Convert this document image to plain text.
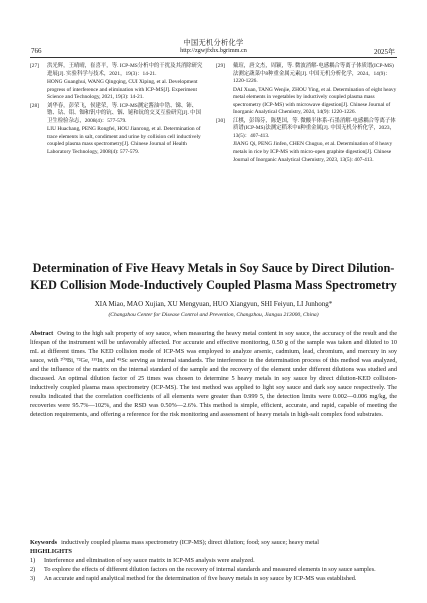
中国无机分析化学
766	http://zgwjfxhx.bgrimm.cn	2025年
[27] 洪光辉，王晴晴，崔喜平，等. ICP-MS分析中的干扰及其消除研究进展[J]. 实验科学与技术，2021，19(3)：14-21.
HONG Guanghui, WANG Qingqing, CUI Xiping, et al. Development progress of interference and elimination with ICP-MS[J]. Experiment Science and Technology, 2021, 19(3): 14-21.
[28] 刘华春，彭荣飞，侯建荣，等. ICP-MS测定酱油中锆、锑、铈、镥、钴、钼、铷和钒中的钪、铟、铋和钪的交叉互验研究[J]. 中国卫生检验杂志，2008(4)：577-579.
LIU Huachang, PENG Rongfei, HOU Jianrong, et al. Determination of trace elements in salt, condiment and urine by collision cell inductively coupled plasma mass spectrometry[J]. Chinese Journal of Health Laboratory Technology, 2008(4): 577-579.
[29] 戴瑄，唐文杰，周颖，等. 微波消解-电感耦合等离子体质谱(ICP-MS)法测定蔬菜中8种重金属元素[J]. 中国无机分析化学，2024，14(9)：1220-1226.
DAI Xuan, TANG Wenjie, ZHOU Ying, et al. Determination of eight heavy metal elements in vegetables by inductively coupled plasma mass spectrometry (ICP-MS) with microwave digestion[J]. Chinese Journal of Inorganic Analytical Chemistry, 2024, 14(9): 1220-1226.
[30] 江棋，彭锦芬，陈楚国，等. 微酸半体系-石墨消解-电感耦合等离子体质谱(ICP-MS)法测定稻米中8种重金属[J]. 中国无机分析化学，2023，13(5)：407-413.
JIANG Qi, PENG Jinfen, CHEN Chuguo, et al. Determination of 8 heavy metals in rice by ICP-MS with micro-open graphite digestion[J]. Chinese Journal of Inorganic Analytical Chemistry, 2023, 13(5): 407-413.
Determination of Five Heavy Metals in Soy Sauce by Direct Dilution-KED Collision Mode-Inductively Coupled Plasma Mass Spectrometry
XIA Miao, MAO Xujian, XU Mengyuan, HUO Xiangyun, SHI Feiyun, LI Junhong*
(Changzhou Center for Disease Control and Prevention, Changzhou, Jiangsu 213000, China)
Abstract Owing to the high salt property of soy sauce, when measuring the heavy metal content in soy sauce, the accuracy of the result and the lifespan of the instrument will be unfavorably affected. For accurate and effective monitoring, 0.50 g of the sample was taken and diluted to 10 mL at different times. The KED collision mode of ICP-MS was employed to analyze arsenic, cadmium, lead, chromium, and mercury in soy sauce, with ²⁰⁹Bi, ⁷²Ge, ¹¹⁵In, and ⁴⁵Sc serving as internal standards. The interference in the determination process of this method was analyzed, and the influence of the matrix on the internal standard of the sample and the recovery of the element under different dilutions was studied and discussed. An optimal dilution factor of 25 times was chosen to determine 5 heavy metals in soy sauce by direct dilution-KED collision-inductively coupled plasma mass spectrometry (ICP-MS). The test method was applied to light soy sauce and dark soy sauce respectively. The results indicated that the correlation coefficients of all elements were greater than 0.999 5, the detection limits were 0.002—0.006 mg/kg, the recoveries were 95.7%—102%, and the RSD was 0.50%—2.6%. This method is simple, efficient, accurate, and rapid, capable of meeting the detection requirements, and offering a reference for the risk monitoring and assessment of heavy metals in high-salt complex food substrates.
Keywords inductively coupled plasma mass spectrometry (ICP-MS); direct dilution; food; soy sauce; heavy metal
HIGHLIGHTS
1) Interference and elimination of soy sauce matrix in ICP-MS analysis were analyzed.
2) To explore the effects of different dilution factors on the recovery of internal standards and measured elements in soy sauce samples.
3) An accurate and rapid analytical method for the determination of five heavy metals in soy sauce by ICP-MS was established.
